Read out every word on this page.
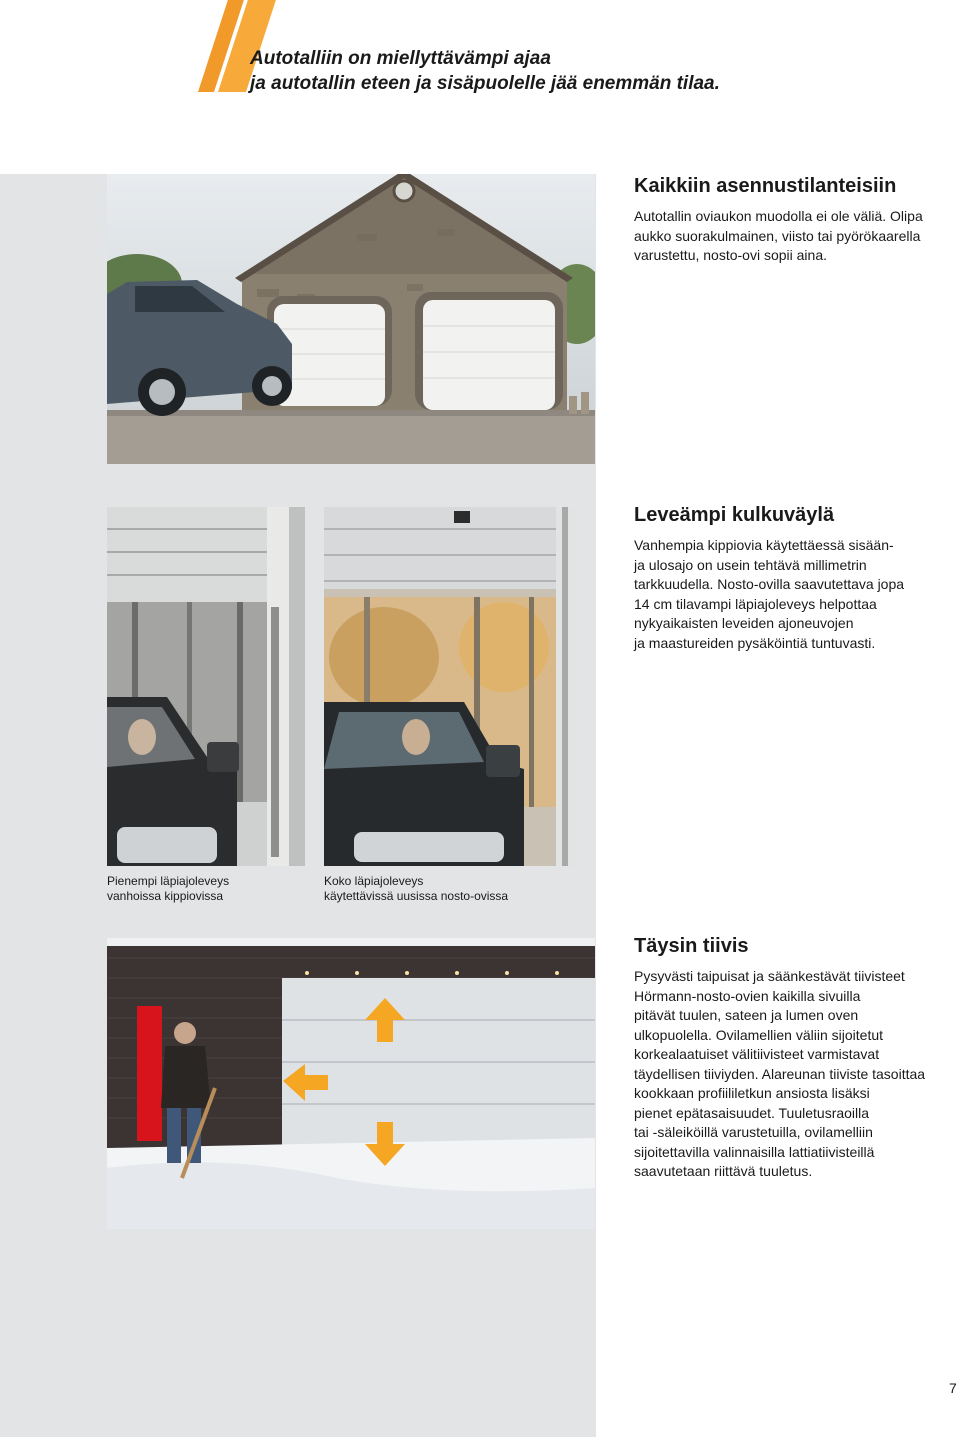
Autotalliin on miellyttävämpi ajaa
ja autotallin eteen ja sisäpuolelle jää enemmän tilaa.
Pienempi läpiajoleveys
vanhoissa kippiovissa
Koko läpiajoleveys
käytettävissä uusissa nosto-ovissa
Kaikkiin asennustilanteisiin
Autotallin oviaukon muodolla ei ole väliä. Olipa
aukko suorakulmainen, viisto tai pyörökaarella
varustettu, nosto-ovi sopii aina.
Leveämpi kulkuväylä
Vanhempia kippiovia käytettäessä sisään-
ja ulosajo on usein tehtävä millimetrin
tarkkuudella. Nosto-ovilla saavutettava jopa
14 cm tilavampi läpiajoleveys helpottaa
nykyaikaisten leveiden ajoneuvojen
ja maastureiden pysäköintiä tuntuvasti.
Täysin tiivis
Pysyvästi taipuisat ja säänkestävät tiivisteet
Hörmann-nosto-ovien kaikilla sivuilla
pitävät tuulen, sateen ja lumen oven
ulkopuolella. Ovilamellien väliin sijoitetut
korkealaatuiset välitiivisteet varmistavat
täydellisen tiiviyden. Alareunan tiiviste tasoittaa
kookkaan profiililetkun ansiosta lisäksi
pienet epätasaisuudet. Tuuletusraoilla
tai -säleiköillä varustetuilla, ovilamelliin
sijoitettavilla valinnaisilla lattiatiivisteillä
saavutetaan riittävä tuuletus.
7
